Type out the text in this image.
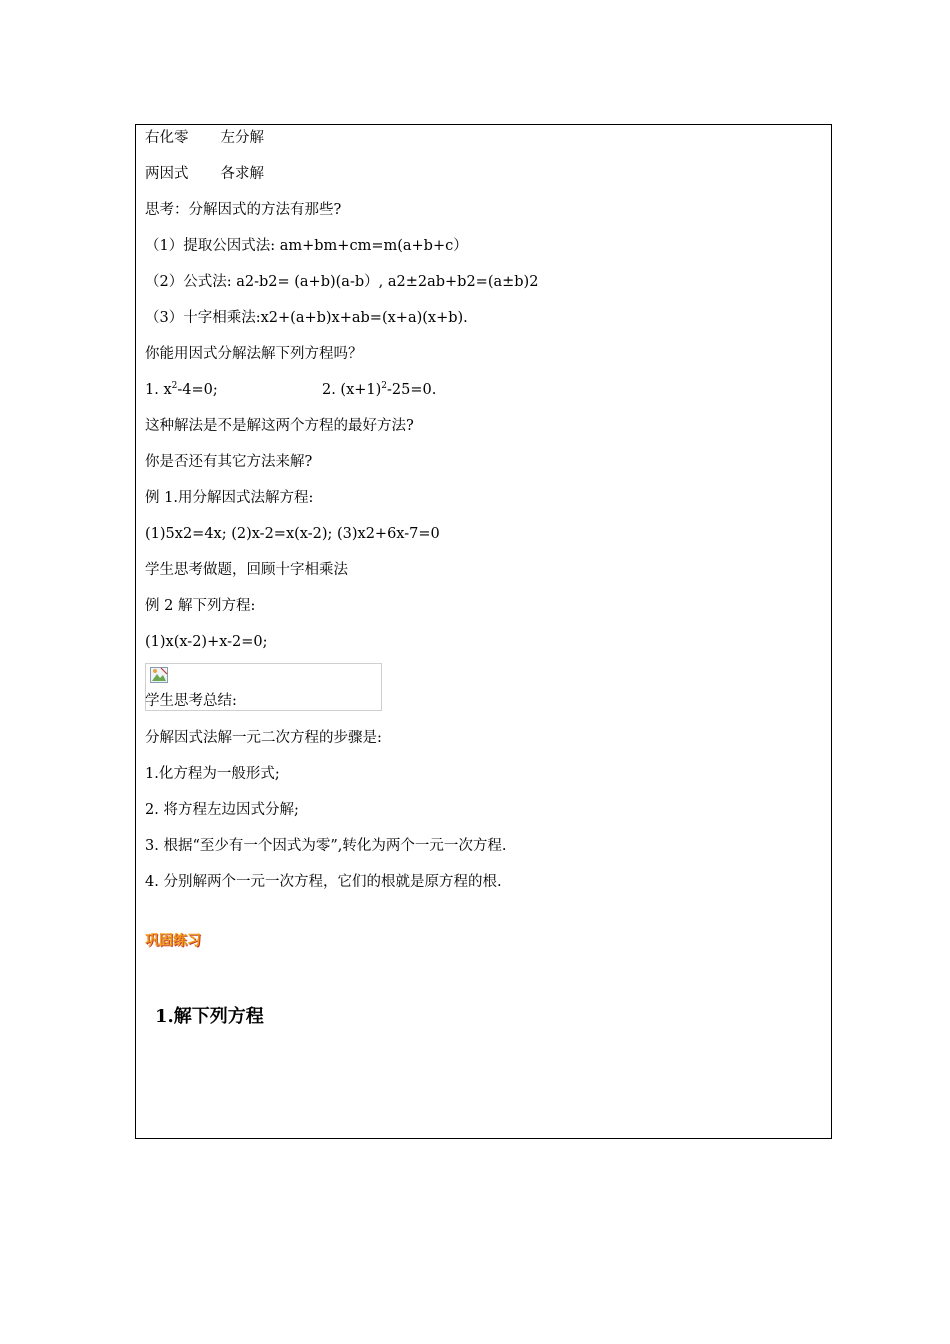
右化零 左分解
两因式 各求解
思考：分解因式的方法有那些?
（1）提取公因式法: am+bm+cm=m(a+b+c）
（2）公式法: a2-b2= (a+b)(a-b）, a2±2ab+b2=(a±b)2
（3）十字相乘法:x2+(a+b)x+ab=(x+a)(x+b).
你能用因式分解法解下列方程吗？
1. $x^2-4=0$;	2. $(x+1)^2-25=0$.
这种解法是不是解这两个方程的最好方法?
你是否还有其它方法来解?
例 1.用分解因式法解方程:
(1)5x2=4x; (2)x-2=x(x-2); (3)x2+6x-7=0
学生思考做题，回顾十字相乘法
例 2 解下列方程:
(1)x(x-2)+x-2=0;
学生思考总结:
分解因式法解一元二次方程的步骤是:
1.化方程为一般形式;
2. 将方程左边因式分解;
3. 根据“至少有一个因式为零”,转化为两个一元一次方程.
4. 分别解两个一元一次方程，它们的根就是原方程的根.
巩固练习
1.解下列方程
